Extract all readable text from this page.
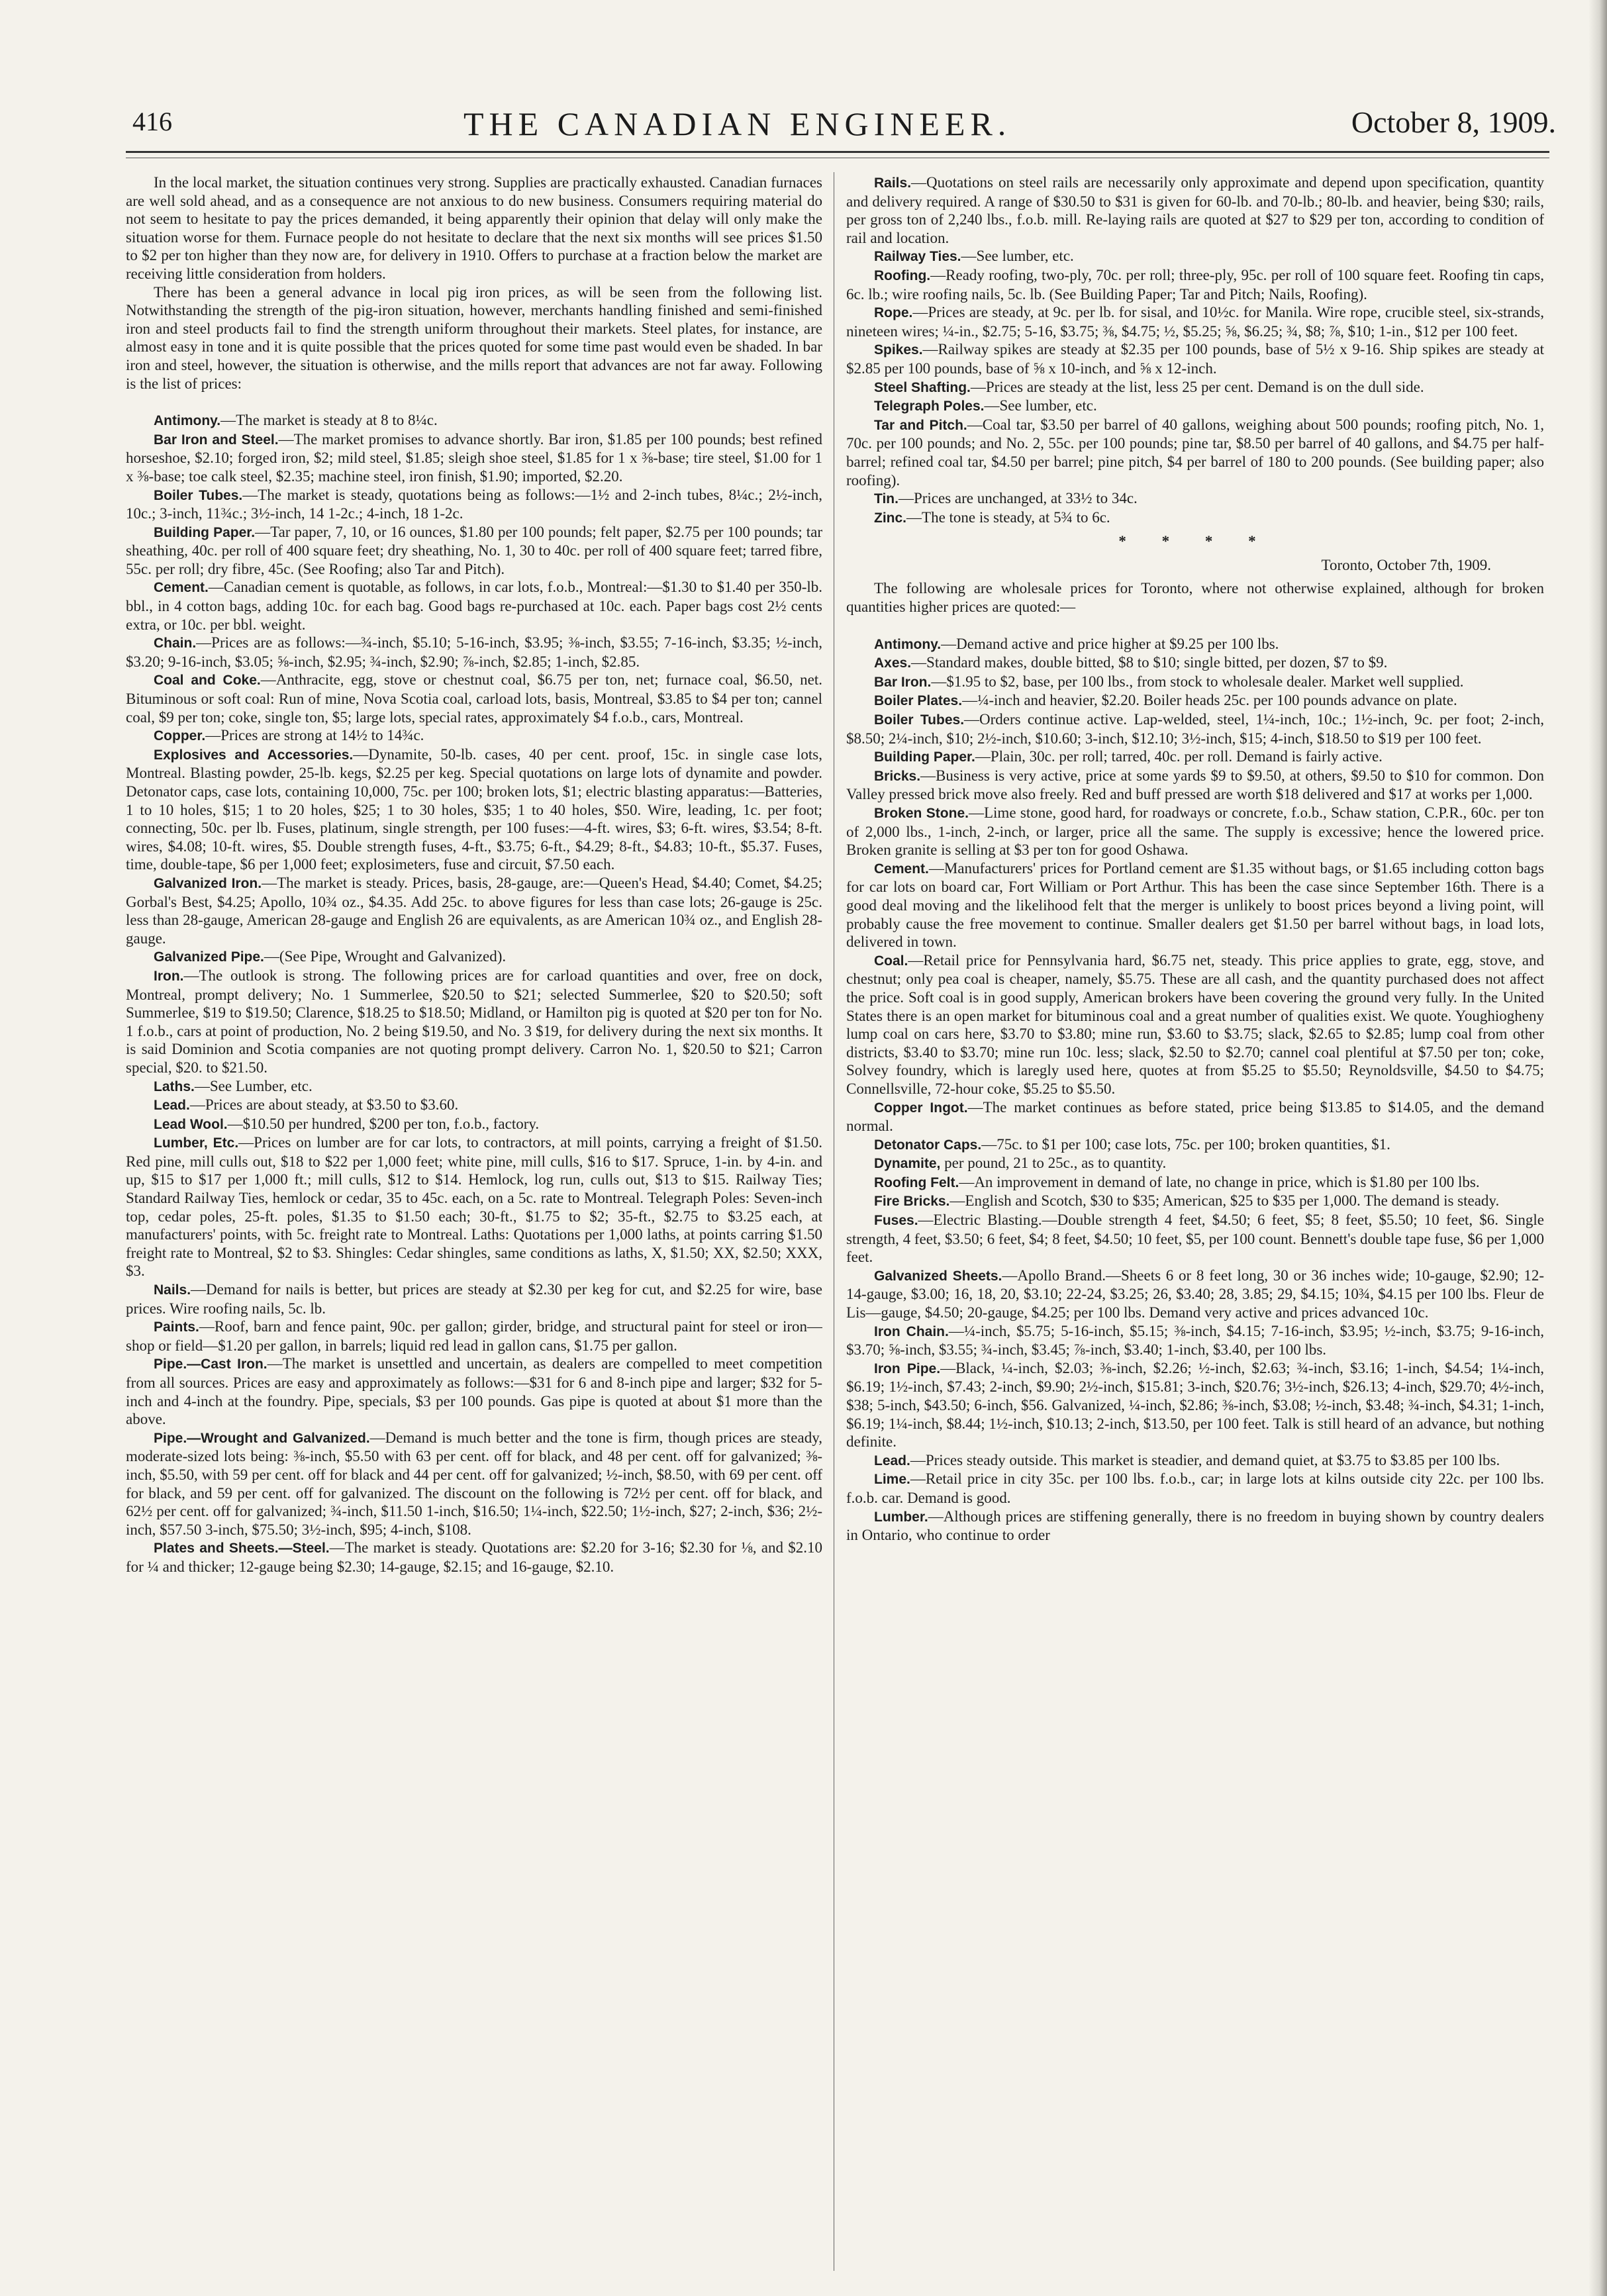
416	THE CANADIAN ENGINEER.	October 8, 1909.

In the local market, the situation continues very strong. Supplies are practically exhausted. Canadian furnaces are well sold ahead, and as a consequence are not anxious to do new business. Consumers requiring material do not seem to hesitate to pay the prices demanded, it being apparently their opinion that delay will only make the situation worse for them. Furnace people do not hesitate to declare that the next six months will see prices $1.50 to $2 per ton higher than they now are, for delivery in 1910. Offers to purchase at a fraction below the market are receiving little consideration from holders.

There has been a general advance in local pig iron prices, as will be seen from the following list. Notwithstanding the strength of the pig-iron situation, however, merchants handling finished and semi-finished iron and steel products fail to find the strength uniform throughout their markets. Steel plates, for instance, are almost easy in tone and it is quite possible that the prices quoted for some time past would even be shaded. In bar iron and steel, however, the situation is otherwise, and the mills report that advances are not far away. Following is the list of prices:

Antimony.—The market is steady at 8 to 8¼c.

Bar Iron and Steel.—The market promises to advance shortly. Bar iron, $1.85 per 100 pounds; best refined horseshoe, $2.10; forged iron, $2; mild steel, $1.85; sleigh shoe steel, $1.85 for 1 x ⅜-base; tire steel, $1.00 for 1 x ⅜-base; toe calk steel, $2.35; machine steel, iron finish, $1.90; imported, $2.20.

Boiler Tubes.—The market is steady, quotations being as follows:—1½ and 2-inch tubes, 8¼c.; 2½-inch, 10c.; 3-inch, 11¾c.; 3½-inch, 14 1-2c.; 4-inch, 18 1-2c.

Building Paper.—Tar paper, 7, 10, or 16 ounces, $1.80 per 100 pounds; felt paper, $2.75 per 100 pounds; tar sheathing, 40c. per roll of 400 square feet; dry sheathing, No. 1, 30 to 40c. per roll of 400 square feet; tarred fibre, 55c. per roll; dry fibre, 45c. (See Roofing; also Tar and Pitch).

Cement.—Canadian cement is quotable, as follows, in car lots, f.o.b., Montreal:—$1.30 to $1.40 per 350-lb. bbl., in 4 cotton bags, adding 10c. for each bag. Good bags re-purchased at 10c. each. Paper bags cost 2½ cents extra, or 10c. per bbl. weight.

Chain.—Prices are as follows:—¾-inch, $5.10; 5-16-inch, $3.95; ⅜-inch, $3.55; 7-16-inch, $3.35; ½-inch, $3.20; 9-16-inch, $3.05; ⅝-inch, $2.95; ¾-inch, $2.90; ⅞-inch, $2.85; 1-inch, $2.85.

Coal and Coke.—Anthracite, egg, stove or chestnut coal, $6.75 per ton, net; furnace coal, $6.50, net. Bituminous or soft coal: Run of mine, Nova Scotia coal, carload lots, basis, Montreal, $3.85 to $4 per ton; cannel coal, $9 per ton; coke, single ton, $5; large lots, special rates, approximately $4 f.o.b., cars, Montreal.

Copper.—Prices are strong at 14½ to 14¾c.

Explosives and Accessories.—Dynamite, 50-lb. cases, 40 per cent. proof, 15c. in single case lots, Montreal. Blasting powder, 25-lb. kegs, $2.25 per keg. Special quotations on large lots of dynamite and powder. Detonator caps, case lots, containing 10,000, 75c. per 100; broken lots, $1; electric blasting apparatus:—Batteries, 1 to 10 holes, $15; 1 to 20 holes, $25; 1 to 30 holes, $35; 1 to 40 holes, $50. Wire, leading, 1c. per foot; connecting, 50c. per lb. Fuses, platinum, single strength, per 100 fuses:—4-ft. wires, $3; 6-ft. wires, $3.54; 8-ft. wires, $4.08; 10-ft. wires, $5. Double strength fuses, 4-ft., $3.75; 6-ft., $4.29; 8-ft., $4.83; 10-ft., $5.37. Fuses, time, double-tape, $6 per 1,000 feet; explosimeters, fuse and circuit, $7.50 each.

Galvanized Iron.—The market is steady. Prices, basis, 28-gauge, are:—Queen's Head, $4.40; Comet, $4.25; Gorbal's Best, $4.25; Apollo, 10¾ oz., $4.35. Add 25c. to above figures for less than case lots; 26-gauge is 25c. less than 28-gauge, American 28-gauge and English 26 are equivalents, as are American 10¾ oz., and English 28-gauge.

Galvanized Pipe.—(See Pipe, Wrought and Galvanized).

Iron.—The outlook is strong. The following prices are for carload quantities and over, free on dock, Montreal, prompt delivery; No. 1 Summerlee, $20.50 to $21; selected Summerlee, $20 to $20.50; soft Summerlee, $19 to $19.50; Clarence, $18.25 to $18.50; Midland, or Hamilton pig is quoted at $20 per ton for No. 1 f.o.b., cars at point of production, No. 2 being $19.50, and No. 3 $19, for delivery during the next six months. It is said Dominion and Scotia companies are not quoting prompt delivery. Carron No. 1, $20.50 to $21; Carron special, $20. to $21.50.

Laths.—See Lumber, etc.

Lead.—Prices are about steady, at $3.50 to $3.60.

Lead Wool.—$10.50 per hundred, $200 per ton, f.o.b., factory.

Lumber, Etc.—Prices on lumber are for car lots, to contractors, at mill points, carrying a freight of $1.50. Red pine, mill culls out, $18 to $22 per 1,000 feet; white pine, mill culls, $16 to $17. Spruce, 1-in. by 4-in. and up, $15 to $17 per 1,000 ft.; mill culls, $12 to $14. Hemlock, log run, culls out, $13 to $15. Railway Ties; Standard Railway Ties, hemlock or cedar, 35 to 45c. each, on a 5c. rate to Montreal. Telegraph Poles: Seven-inch top, cedar poles, 25-ft. poles, $1.35 to $1.50 each; 30-ft., $1.75 to $2; 35-ft., $2.75 to $3.25 each, at manufacturers' points, with 5c. freight rate to Montreal. Laths: Quotations per 1,000 laths, at points carring $1.50 freight rate to Montreal, $2 to $3. Shingles: Cedar shingles, same conditions as laths, X, $1.50; XX, $2.50; XXX, $3.

Nails.—Demand for nails is better, but prices are steady at $2.30 per keg for cut, and $2.25 for wire, base prices. Wire roofing nails, 5c. lb.

Paints.—Roof, barn and fence paint, 90c. per gallon; girder, bridge, and structural paint for steel or iron—shop or field—$1.20 per gallon, in barrels; liquid red lead in gallon cans, $1.75 per gallon.

Pipe.—Cast Iron.—The market is unsettled and uncertain, as dealers are compelled to meet competition from all sources. Prices are easy and approximately as follows:—$31 for 6 and 8-inch pipe and larger; $32 for 5-inch and 4-inch at the foundry. Pipe, specials, $3 per 100 pounds. Gas pipe is quoted at about $1 more than the above.

Pipe.—Wrought and Galvanized.—Demand is much better and the tone is firm, though prices are steady, moderate-sized lots being: ⅜-inch, $5.50 with 63 per cent. off for black, and 48 per cent. off for galvanized; ⅜-inch, $5.50, with 59 per cent. off for black and 44 per cent. off for galvanized; ½-inch, $8.50, with 69 per cent. off for black, and 59 per cent. off for galvanized. The discount on the following is 72½ per cent. off for black, and 62½ per cent. off for galvanized; ¾-inch, $11.50 1-inch, $16.50; 1¼-inch, $22.50; 1½-inch, $27; 2-inch, $36; 2½-inch, $57.50 3-inch, $75.50; 3½-inch, $95; 4-inch, $108.

Plates and Sheets.—Steel.—The market is steady. Quotations are: $2.20 for 3-16; $2.30 for ⅛, and $2.10 for ¼ and thicker; 12-gauge being $2.30; 14-gauge, $2.15; and 16-gauge, $2.10.

Rails.—Quotations on steel rails are necessarily only approximate and depend upon specification, quantity and delivery required. A range of $30.50 to $31 is given for 60-lb. and 70-lb.; 80-lb. and heavier, being $30; rails, per gross ton of 2,240 lbs., f.o.b. mill. Re-laying rails are quoted at $27 to $29 per ton, according to condition of rail and location.

Railway Ties.—See lumber, etc.

Roofing.—Ready roofing, two-ply, 70c. per roll; three-ply, 95c. per roll of 100 square feet. Roofing tin caps, 6c. lb.; wire roofing nails, 5c. lb. (See Building Paper; Tar and Pitch; Nails, Roofing).

Rope.—Prices are steady, at 9c. per lb. for sisal, and 10½c. for Manila. Wire rope, crucible steel, six-strands, nineteen wires; ¼-in., $2.75; 5-16, $3.75; ⅜, $4.75; ½, $5.25; ⅝, $6.25; ¾, $8; ⅞, $10; 1-in., $12 per 100 feet.

Spikes.—Railway spikes are steady at $2.35 per 100 pounds, base of 5½ x 9-16. Ship spikes are steady at $2.85 per 100 pounds, base of ⅝ x 10-inch, and ⅝ x 12-inch.

Steel Shafting.—Prices are steady at the list, less 25 per cent. Demand is on the dull side.

Telegraph Poles.—See lumber, etc.

Tar and Pitch.—Coal tar, $3.50 per barrel of 40 gallons, weighing about 500 pounds; roofing pitch, No. 1, 70c. per 100 pounds; and No. 2, 55c. per 100 pounds; pine tar, $8.50 per barrel of 40 gallons, and $4.75 per half-barrel; refined coal tar, $4.50 per barrel; pine pitch, $4 per barrel of 180 to 200 pounds. (See building paper; also roofing).

Tin.—Prices are unchanged, at 33½ to 34c.

Zinc.—The tone is steady, at 5¾ to 6c.

* * * *

Toronto, October 7th, 1909.

The following are wholesale prices for Toronto, where not otherwise explained, although for broken quantities higher prices are quoted:—

Antimony.—Demand active and price higher at $9.25 per 100 lbs.

Axes.—Standard makes, double bitted, $8 to $10; single bitted, per dozen, $7 to $9.

Bar Iron.—$1.95 to $2, base, per 100 lbs., from stock to wholesale dealer. Market well supplied.

Boiler Plates.—¼-inch and heavier, $2.20. Boiler heads 25c. per 100 pounds advance on plate.

Boiler Tubes.—Orders continue active. Lap-welded, steel, 1¼-inch, 10c.; 1½-inch, 9c. per foot; 2-inch, $8.50; 2¼-inch, $10; 2½-inch, $10.60; 3-inch, $12.10; 3½-inch, $15; 4-inch, $18.50 to $19 per 100 feet.

Building Paper.—Plain, 30c. per roll; tarred, 40c. per roll. Demand is fairly active.

Bricks.—Business is very active, price at some yards $9 to $9.50, at others, $9.50 to $10 for common. Don Valley pressed brick move also freely. Red and buff pressed are worth $18 delivered and $17 at works per 1,000.

Broken Stone.—Lime stone, good hard, for roadways or concrete, f.o.b., Schaw station, C.P.R., 60c. per ton of 2,000 lbs., 1-inch, 2-inch, or larger, price all the same. The supply is excessive; hence the lowered price. Broken granite is selling at $3 per ton for good Oshawa.

Cement.—Manufacturers' prices for Portland cement are $1.35 without bags, or $1.65 including cotton bags for car lots on board car, Fort William or Port Arthur. This has been the case since September 16th. There is a good deal moving and the likelihood felt that the merger is unlikely to boost prices beyond a living point, will probably cause the free movement to continue. Smaller dealers get $1.50 per barrel without bags, in load lots, delivered in town.

Coal.—Retail price for Pennsylvania hard, $6.75 net, steady. This price applies to grate, egg, stove, and chestnut; only pea coal is cheaper, namely, $5.75. These are all cash, and the quantity purchased does not affect the price. Soft coal is in good supply, American brokers have been covering the ground very fully. In the United States there is an open market for bituminous coal and a great number of qualities exist. We quote. Youghiogheny lump coal on cars here, $3.70 to $3.80; mine run, $3.60 to $3.75; slack, $2.65 to $2.85; lump coal from other districts, $3.40 to $3.70; mine run 10c. less; slack, $2.50 to $2.70; cannel coal plentiful at $7.50 per ton; coke, Solvey foundry, which is laregly used here, quotes at from $5.25 to $5.50; Reynoldsville, $4.50 to $4.75; Connellsville, 72-hour coke, $5.25 to $5.50.

Copper Ingot.—The market continues as before stated, price being $13.85 to $14.05, and the demand normal.

Detonator Caps.—75c. to $1 per 100; case lots, 75c. per 100; broken quantities, $1.

Dynamite, per pound, 21 to 25c., as to quantity.

Roofing Felt.—An improvement in demand of late, no change in price, which is $1.80 per 100 lbs.

Fire Bricks.—English and Scotch, $30 to $35; American, $25 to $35 per 1,000. The demand is steady.

Fuses.—Electric Blasting.—Double strength 4 feet, $4.50; 6 feet, $5; 8 feet, $5.50; 10 feet, $6. Single strength, 4 feet, $3.50; 6 feet, $4; 8 feet, $4.50; 10 feet, $5, per 100 count. Bennett's double tape fuse, $6 per 1,000 feet.

Galvanized Sheets.—Apollo Brand.—Sheets 6 or 8 feet long, 30 or 36 inches wide; 10-gauge, $2.90; 12-14-gauge, $3.00; 16, 18, 20, $3.10; 22-24, $3.25; 26, $3.40; 28, 3.85; 29, $4.15; 10¾, $4.15 per 100 lbs. Fleur de Lis—gauge, $4.50; 20-gauge, $4.25; per 100 lbs. Demand very active and prices advanced 10c.

Iron Chain.—¼-inch, $5.75; 5-16-inch, $5.15; ⅜-inch, $4.15; 7-16-inch, $3.95; ½-inch, $3.75; 9-16-inch, $3.70; ⅝-inch, $3.55; ¾-inch, $3.45; ⅞-inch, $3.40; 1-inch, $3.40, per 100 lbs.

Iron Pipe.—Black, ¼-inch, $2.03; ⅜-inch, $2.26; ½-inch, $2.63; ¾-inch, $3.16; 1-inch, $4.54; 1¼-inch, $6.19; 1½-inch, $7.43; 2-inch, $9.90; 2½-inch, $15.81; 3-inch, $20.76; 3½-inch, $26.13; 4-inch, $29.70; 4½-inch, $38; 5-inch, $43.50; 6-inch, $56. Galvanized, ¼-inch, $2.86; ⅜-inch, $3.08; ½-inch, $3.48; ¾-inch, $4.31; 1-inch, $6.19; 1¼-inch, $8.44; 1½-inch, $10.13; 2-inch, $13.50, per 100 feet. Talk is still heard of an advance, but nothing definite.

Lead.—Prices steady outside. This market is steadier, and demand quiet, at $3.75 to $3.85 per 100 lbs.

Lime.—Retail price in city 35c. per 100 lbs. f.o.b., car; in large lots at kilns outside city 22c. per 100 lbs. f.o.b. car. Demand is good.

Lumber.—Although prices are stiffening generally, there is no freedom in buying shown by country dealers in Ontario, who continue to order
